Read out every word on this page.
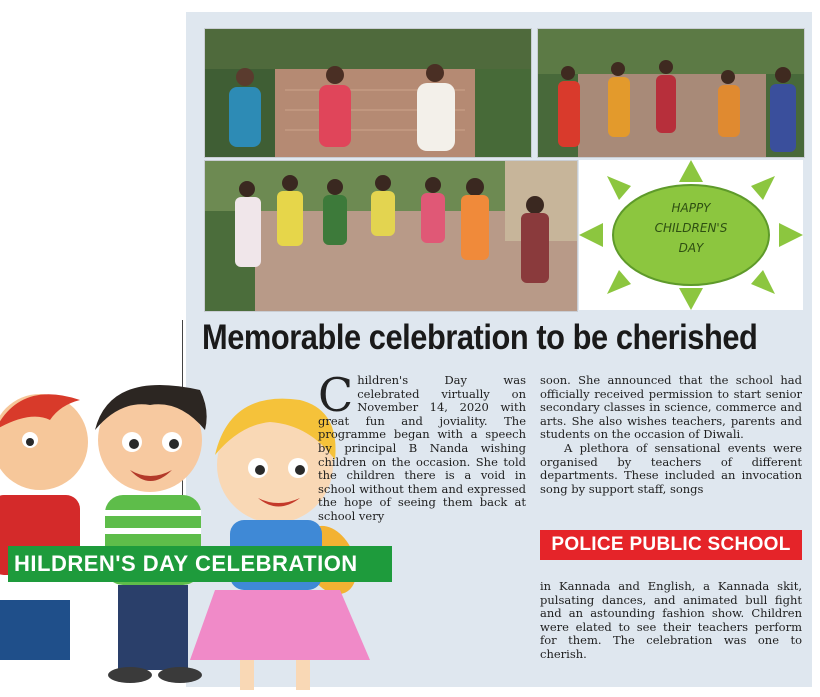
HAPPY
CHILDREN'S
DAY
Memorable celebration to be cherished
HILDREN'S DAY CELEBRATION
C hildren's Day was celebrated virtually on November 14, 2020 with great fun and joviality. The programme began with a speech by principal B Nanda wishing children on the occasion. She told the children there is a void in school without them and expressed the hope of seeing them back at school very

soon. She announced that the school had officially received permission to start senior secondary classes in science, commerce and arts. She also wishes teachers, parents and students on the occasion of Diwali.

A plethora of sensational events were organised by teachers of different departments. These included an invocation song by support staff, songs

POLICE PUBLIC SCHOOL

in Kannada and English, a Kannada skit, pulsating dances, and animated bull fight and an astounding fashion show. Children were elated to see their teachers perform for them. The celebration was one to cherish.
